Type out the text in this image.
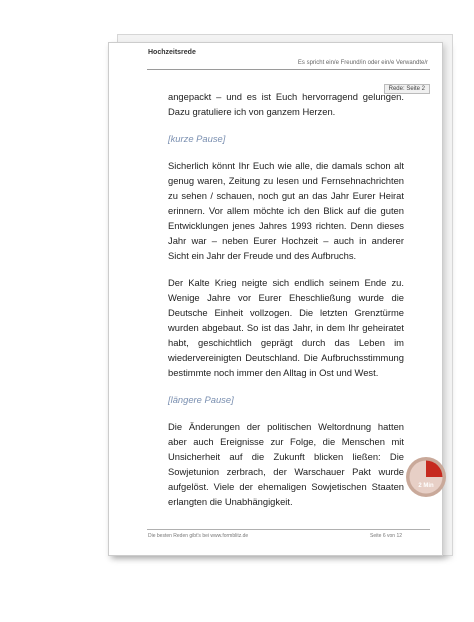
Hochzeitsrede
Es spricht ein/e Freund/in oder ein/e Verwandte/r
Rede: Seite 2

angepackt – und es ist Euch hervorragend gelungen. Dazu gratuliere ich von ganzem Herzen.

[kurze Pause]

Sicherlich könnt Ihr Euch wie alle, die damals schon alt genug waren, Zeitung zu lesen und Fernsehnachrichten zu sehen / schauen, noch gut an das Jahr Eurer Heirat erinnern. Vor allem möchte ich den Blick auf die guten Entwicklungen jenes Jahres 1993 richten. Denn dieses Jahr war – neben Eurer Hochzeit – auch in anderer Sicht ein Jahr der Freude und des Aufbruchs.

Der Kalte Krieg neigte sich endlich seinem Ende zu. Wenige Jahre vor Eurer Eheschließung wurde die Deutsche Einheit vollzogen. Die letzten Grenztürme wurden abgebaut. So ist das Jahr, in dem Ihr geheiratet habt, geschichtlich geprägt durch das Leben im wiedervereinigten Deutschland. Die Aufbruchsstimmung bestimmte noch immer den Alltag in Ost und West.

[längere Pause]

Die Änderungen der politischen Weltordnung hatten aber auch Ereignisse zur Folge, die Menschen mit Unsicherheit auf die Zukunft blicken ließen: Die Sowjetunion zerbrach, der Warschauer Pakt wurde aufgelöst. Viele der ehemaligen Sowjetischen Staaten erlangten die Unabhängigkeit.

Die besten Reden gibt's bei www.formblitz.de	Seite 6 von 12
2 Min
